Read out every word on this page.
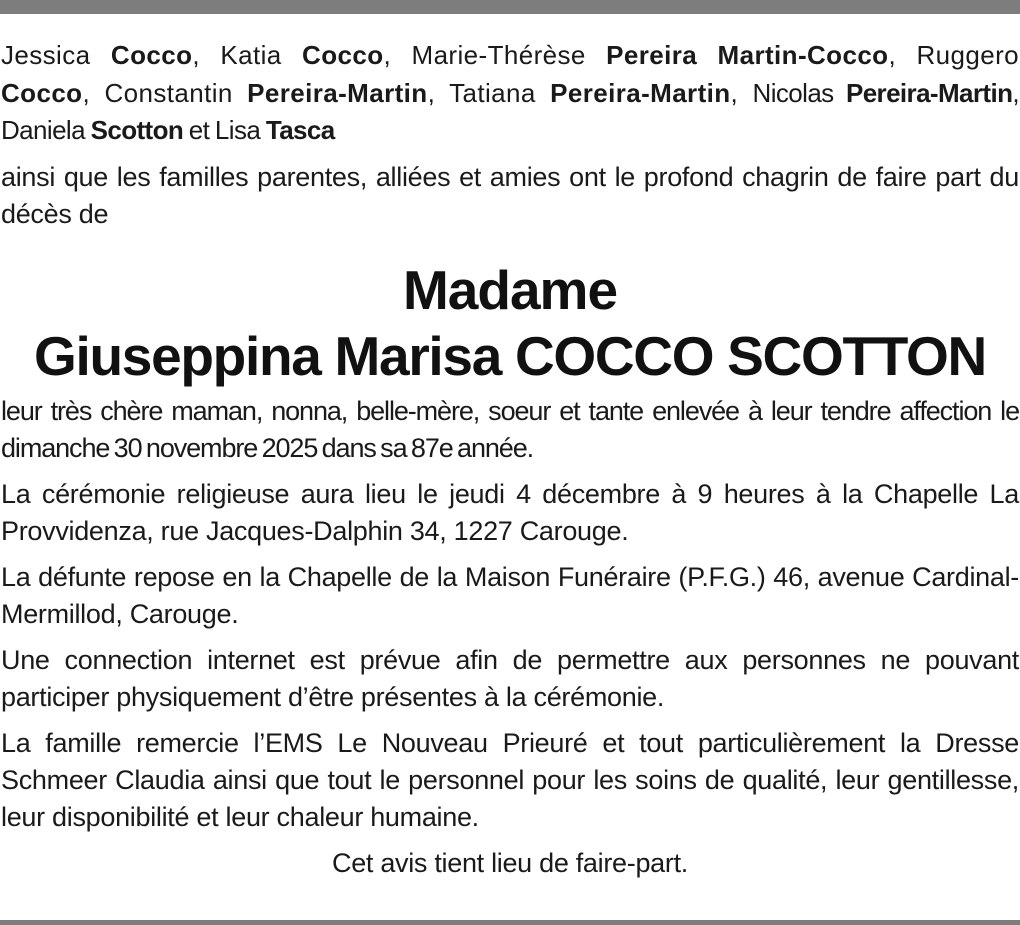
Jessica Cocco, Katia Cocco, Marie-Thérèse Pereira Martin-Cocco, Ruggero Cocco, Constantin Pereira-Martin, Tatiana Pereira-Martin, Nicolas Pereira-Martin, Daniela Scotton et Lisa Tasca

ainsi que les familles parentes, alliées et amies ont le profond chagrin de faire part du décès de

Madame
Giuseppina Marisa COCCO SCOTTON

leur très chère maman, nonna, belle-mère, soeur et tante enlevée à leur tendre affection le dimanche 30 novembre 2025 dans sa 87e année.

La cérémonie religieuse aura lieu le jeudi 4 décembre à 9 heures à la Chapelle La Provvidenza, rue Jacques-Dalphin 34, 1227 Carouge.

La défunte repose en la Chapelle de la Maison Funéraire (P.F.G.) 46, avenue Cardinal-Mermillod, Carouge.

Une connection internet est prévue afin de permettre aux personnes ne pouvant participer physiquement d’être présentes à la cérémonie.

La famille remercie l’EMS Le Nouveau Prieuré et tout particulièrement la Dresse Schmeer Claudia ainsi que tout le personnel pour les soins de qualité, leur gentillesse, leur disponibilité et leur chaleur humaine.

Cet avis tient lieu de faire-part.
